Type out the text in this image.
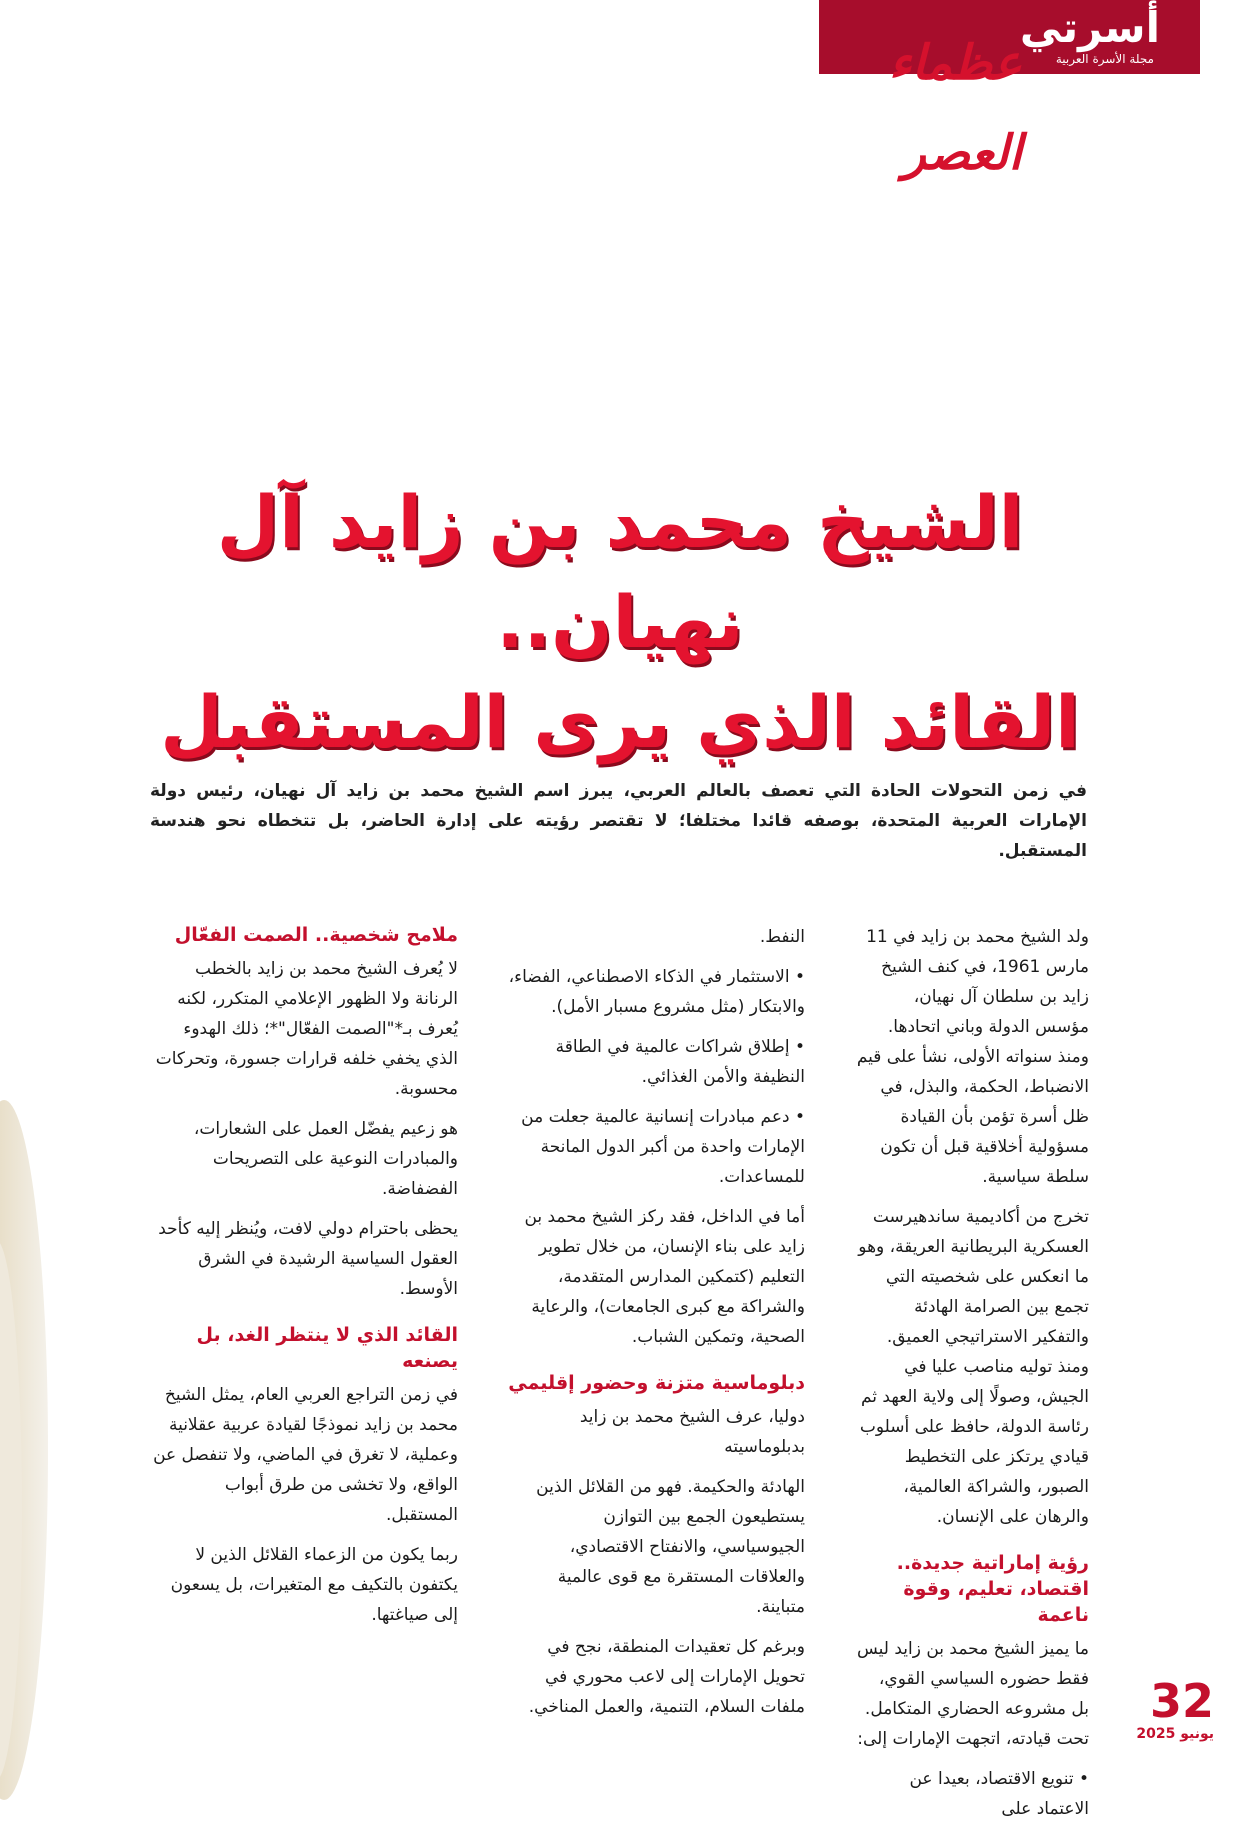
أسرتي
مجلة الأسرة العربية
عظماء العصر
الشيخ محمد بن زايد آل نهيان..
القائد الذي يرى المستقبل

في زمن التحولات الحادة التي تعصف بالعالم العربي، يبرز اسم الشيخ محمد بن زايد آل نهيان، رئيس دولة الإمارات العربية المتحدة، بوصفه قائدا مختلفا؛ لا تقتصر رؤيته على إدارة الحاضر، بل تتخطاه نحو هندسة المستقبل.

ولد الشيخ محمد بن زايد في 11 مارس 1961، في كنف الشيخ زايد بن سلطان آل نهيان، مؤسس الدولة وباني اتحادها. ومنذ سنواته الأولى، نشأ على قيم الانضباط، الحكمة، والبذل، في ظل أسرة تؤمن بأن القيادة مسؤولية أخلاقية قبل أن تكون سلطة سياسية.

تخرج من أكاديمية ساندهيرست العسكرية البريطانية العريقة، وهو ما انعكس على شخصيته التي تجمع بين الصرامة الهادئة والتفكير الاستراتيجي العميق. ومنذ توليه مناصب عليا في الجيش، وصولًا إلى ولاية العهد ثم رئاسة الدولة، حافظ على أسلوب قيادي يرتكز على التخطيط الصبور، والشراكة العالمية، والرهان على الإنسان.

رؤية إماراتية جديدة.. اقتصاد، تعليم، وقوة ناعمة

ما يميز الشيخ محمد بن زايد ليس فقط حضوره السياسي القوي، بل مشروعه الحضاري المتكامل. تحت قيادته، اتجهت الإمارات إلى:

• تنويع الاقتصاد، بعيدا عن الاعتماد على

النفط.

• الاستثمار في الذكاء الاصطناعي، الفضاء، والابتكار (مثل مشروع مسبار الأمل).

• إطلاق شراكات عالمية في الطاقة النظيفة والأمن الغذائي.

• دعم مبادرات إنسانية عالمية جعلت من الإمارات واحدة من أكبر الدول المانحة للمساعدات.

أما في الداخل، فقد ركز الشيخ محمد بن زايد على بناء الإنسان، من خلال تطوير التعليم (كتمكين المدارس المتقدمة، والشراكة مع كبرى الجامعات)، والرعاية الصحية، وتمكين الشباب.

دبلوماسية متزنة وحضور إقليمي

دوليا، عرف الشيخ محمد بن زايد بدبلوماسيته

الهادئة والحكيمة. فهو من القلائل الذين يستطيعون الجمع بين التوازن الجيوسياسي، والانفتاح الاقتصادي، والعلاقات المستقرة مع قوى عالمية متباينة.

وبرغم كل تعقيدات المنطقة، نجح في تحويل الإمارات إلى لاعب محوري في ملفات السلام، التنمية، والعمل المناخي.

ملامح شخصية.. الصمت الفعّال

لا يُعرف الشيخ محمد بن زايد بالخطب الرنانة ولا الظهور الإعلامي المتكرر، لكنه يُعرف بـ*"الصمت الفعّال"*؛ ذلك الهدوء الذي يخفي خلفه قرارات جسورة، وتحركات محسوبة.

هو زعيم يفضّل العمل على الشعارات، والمبادرات النوعية على التصريحات الفضفاضة.

يحظى باحترام دولي لافت، ويُنظر إليه كأحد العقول السياسية الرشيدة في الشرق الأوسط.

القائد الذي لا ينتظر الغد، بل يصنعه

في زمن التراجع العربي العام، يمثل الشيخ محمد بن زايد نموذجًا لقيادة عربية عقلانية وعملية، لا تغرق في الماضي، ولا تنفصل عن الواقع، ولا تخشى من طرق أبواب المستقبل.

ربما يكون من الزعماء القلائل الذين لا يكتفون بالتكيف مع المتغيرات، بل يسعون إلى صياغتها.

32
يونيو 2025
